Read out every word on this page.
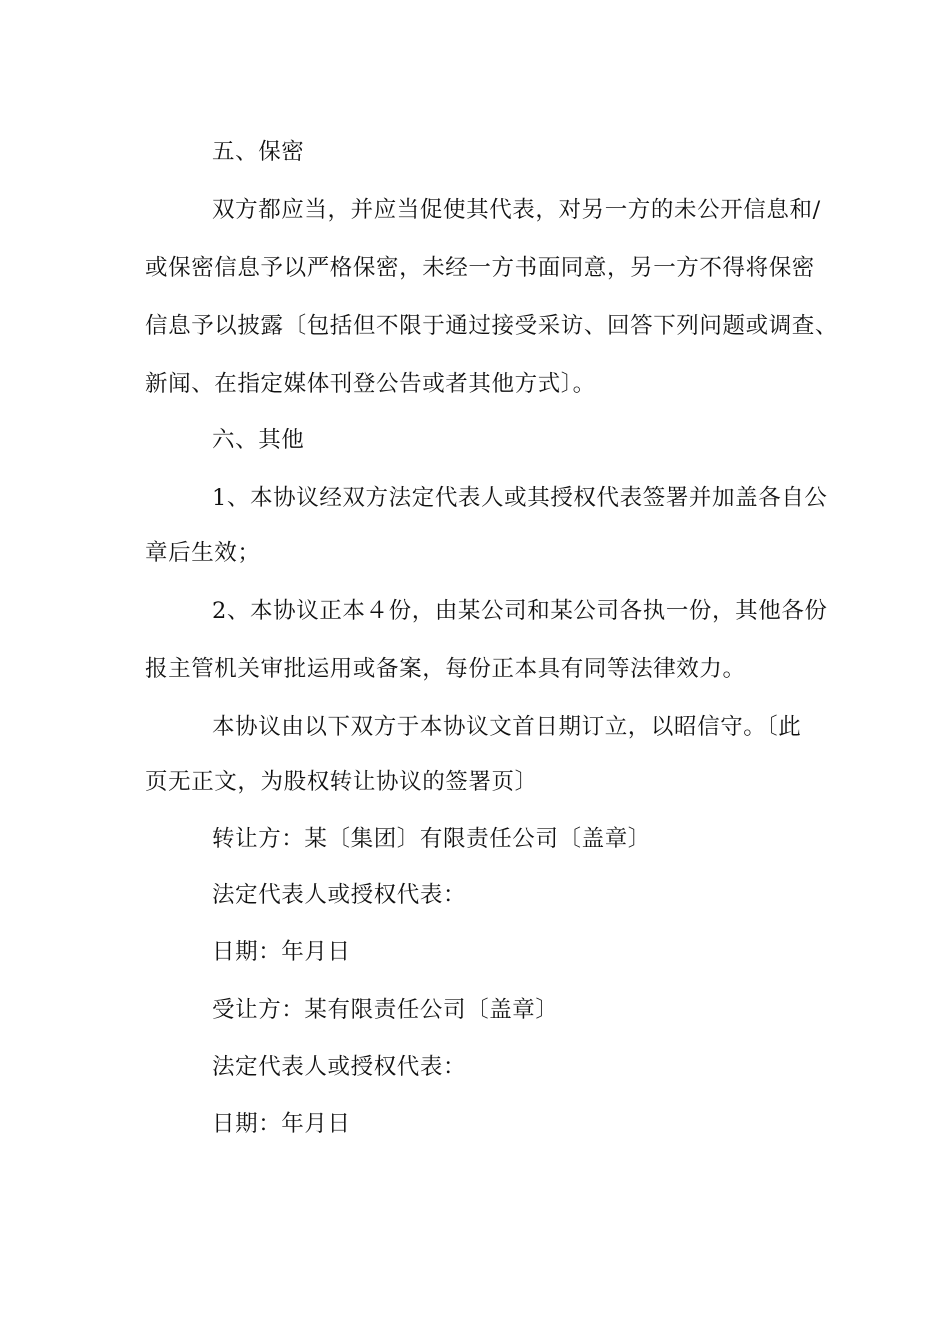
五、保密
双方都应当，并应当促使其代表，对另一方的未公开信息和/
或保密信息予以严格保密，未经一方书面同意，另一方不得将保密
信息予以披露〔包括但不限于通过接受采访、回答下列问题或调查、
新闻、在指定媒体刊登公告或者其他方式〕。
六、其他
1、本协议经双方法定代表人或其授权代表签署并加盖各自公
章后生效；
2、本协议正本４份，由某公司和某公司各执一份，其他各份
报主管机关审批运用或备案，每份正本具有同等法律效力。
本协议由以下双方于本协议文首日期订立，以昭信守。〔此
页无正文，为股权转让协议的签署页〕
转让方：某〔集团〕有限责任公司〔盖章〕
法定代表人或授权代表：
日期：年月日
受让方：某有限责任公司〔盖章〕
法定代表人或授权代表：
日期：年月日
